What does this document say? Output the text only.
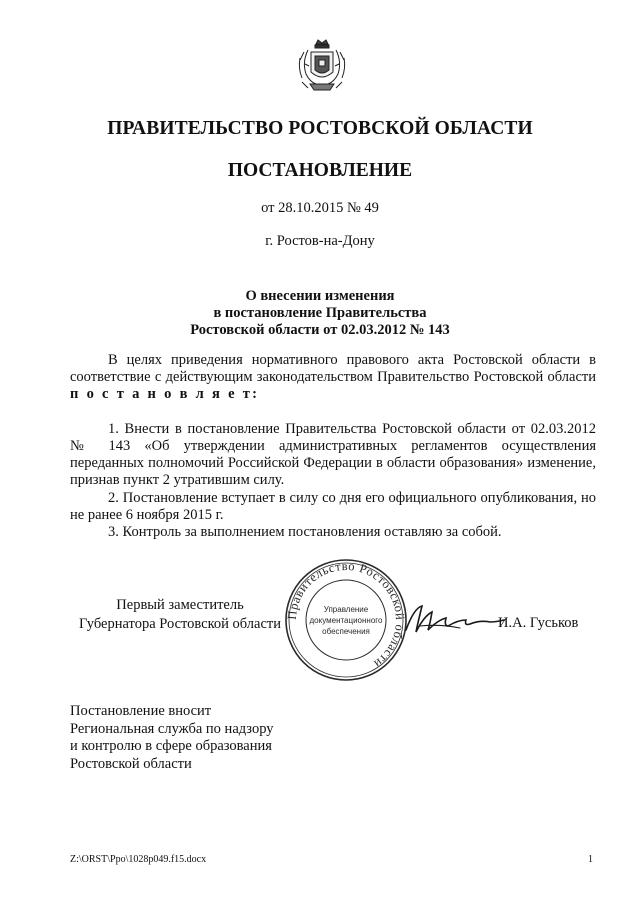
ПРАВИТЕЛЬСТВО РОСТОВСКОЙ ОБЛАСТИ
ПОСТАНОВЛЕНИЕ
от 28.10.2015 № 49
г. Ростов-на-Дону
О внесении изменения
в постановление Правительства
Ростовской области от 02.03.2012 № 143
В целях приведения нормативного правового акта Ростовской области в соответствие с действующим законодательством Правительство Ростовской области п о с т а н о в л я е т:
1. Внести в постановление Правительства Ростовской области от 02.03.2012 № 143 «Об утверждении административных регламентов осуществления переданных полномочий Российской Федерации в области образования» изменение, признав пункт 2 утратившим силу.
2. Постановление вступает в силу со дня его официального опубликования, но не ранее 6 ноября 2015 г.
3. Контроль за выполнением постановления оставляю за собой.
Правительство Ростовской области
Управление
документационного
обеспечения
Первый заместитель
Губернатора Ростовской области	И.А. Гуськов
Постановление вносит
Региональная служба по надзору
и контролю в сфере образования
Ростовской области
Z:\ORST\Ppo\1028p049.f15.docx	1
